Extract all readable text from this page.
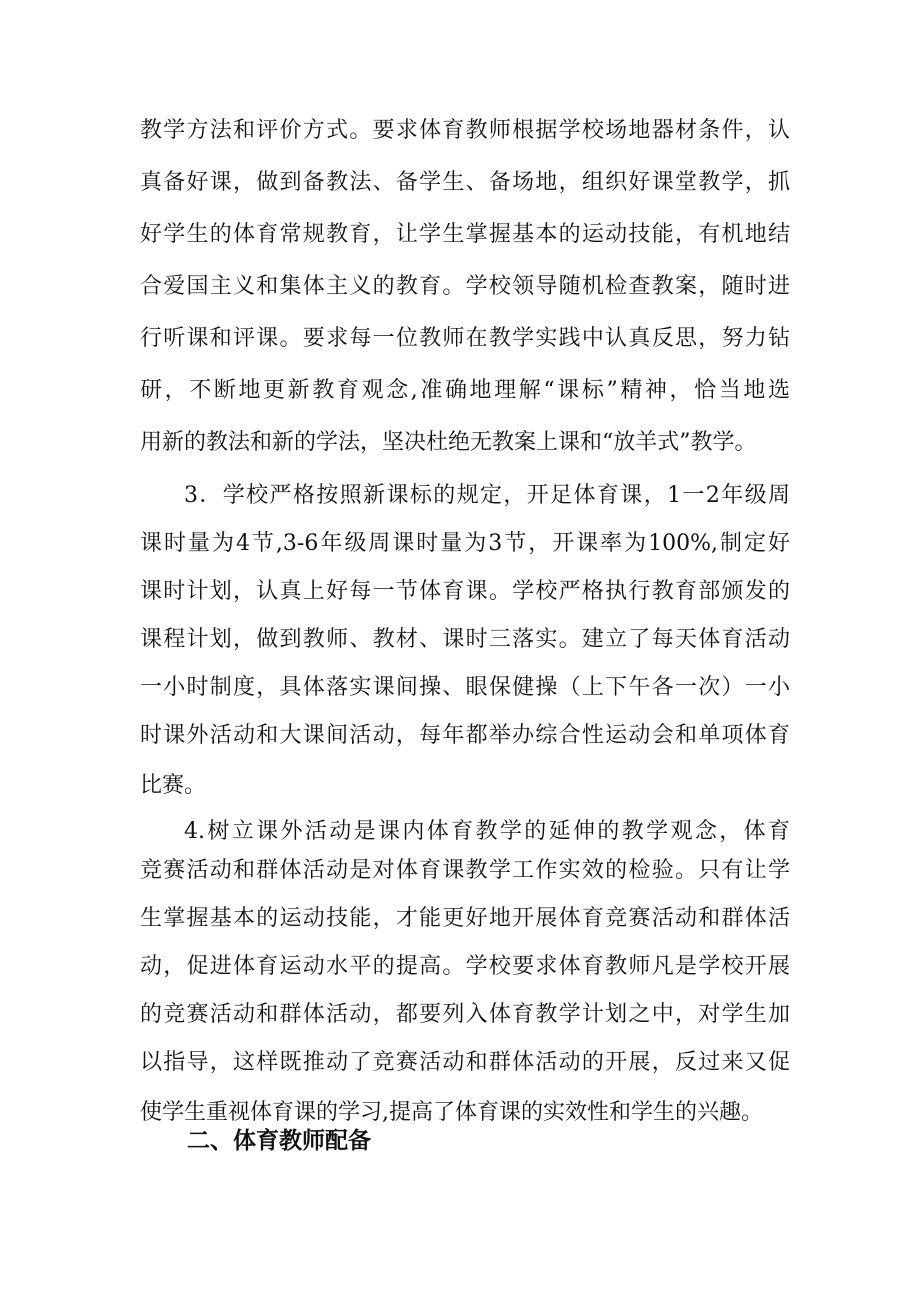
教学方法和评价方式。要求体育教师根据学校场地器材条件，认
真备好课，做到备教法、备学生、备场地，组织好课堂教学，抓
好学生的体育常规教育，让学生掌握基本的运动技能，有机地结
合爱国主义和集体主义的教育。学校领导随机检查教案，随时进
行听课和评课。要求每一位教师在教学实践中认真反思，努力钻
研，不断地更新教育观念,准确地理解“课标”精神，恰当地选
用新的教法和新的学法，坚决杜绝无教案上课和“放羊式”教学。
3．学校严格按照新课标的规定，开足体育课，1一2年级周
课时量为4节,3-6年级周课时量为3节，开课率为100%,制定好
课时计划，认真上好每一节体育课。学校严格执行教育部颁发的
课程计划，做到教师、教材、课时三落实。建立了每天体育活动
一小时制度，具体落实课间操、眼保健操（上下午各一次）一小
时课外活动和大课间活动，每年都举办综合性运动会和单项体育
比赛。
4.树立课外活动是课内体育教学的延伸的教学观念，体育
竞赛活动和群体活动是对体育课教学工作实效的检验。只有让学
生掌握基本的运动技能，才能更好地开展体育竞赛活动和群体活
动，促进体育运动水平的提高。学校要求体育教师凡是学校开展
的竞赛活动和群体活动，都要列入体育教学计划之中，对学生加
以指导，这样既推动了竞赛活动和群体活动的开展，反过来又促
使学生重视体育课的学习,提高了体育课的实效性和学生的兴趣。
二、体育教师配备
